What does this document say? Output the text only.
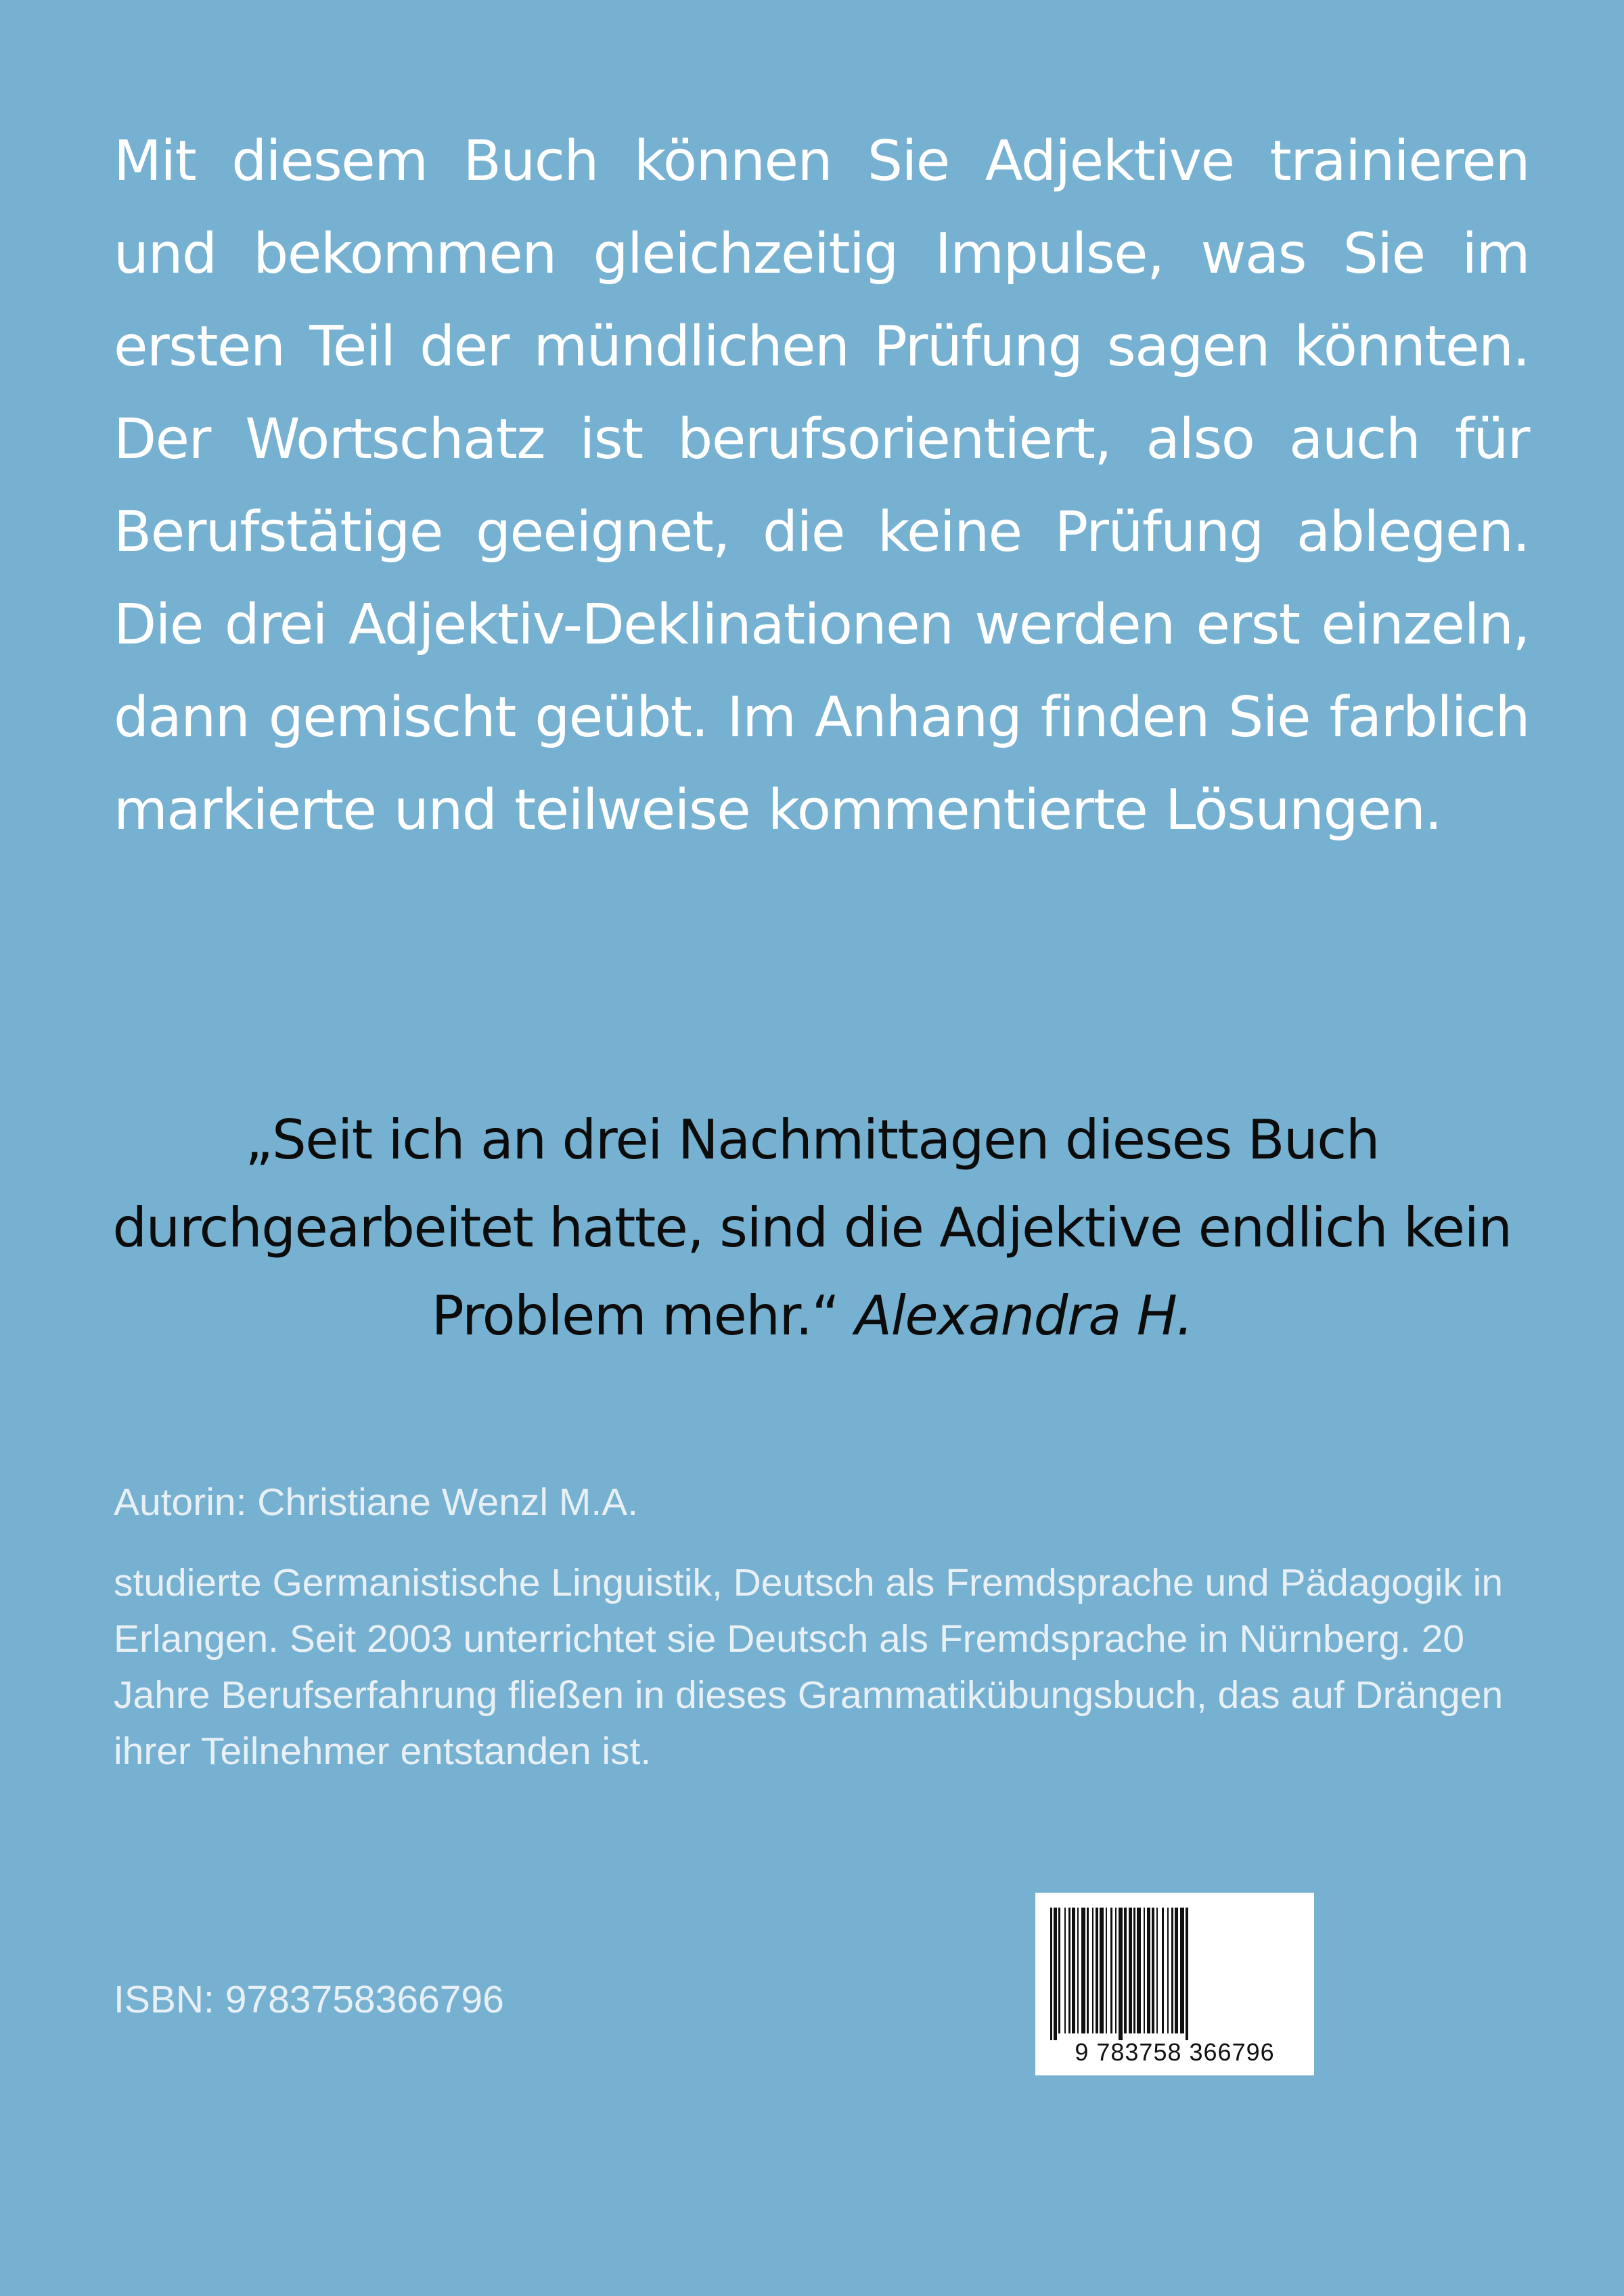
Mit diesem Buch können Sie Adjektive trainieren und bekommen gleichzeitig Impulse, was Sie im ersten Teil der mündlichen Prüfung sagen könnten. Der Wortschatz ist berufsorientiert, also auch für Berufstätige geeignet, die keine Prüfung ablegen. Die drei Adjektiv-Deklinationen werden erst einzeln, dann gemischt geübt. Im Anhang finden Sie farblich markierte und teilweise kommentierte Lösungen.

„Seit ich an drei Nachmittagen dieses Buch durchgearbeitet hatte, sind die Adjektive endlich kein Problem mehr.“ Alexandra H.

Autorin: Christiane Wenzl M.A.

studierte Germanistische Linguistik, Deutsch als Fremdsprache und Pädagogik in Erlangen. Seit 2003 unterrichtet sie Deutsch als Fremdsprache in Nürnberg. 20 Jahre Berufserfahrung fließen in dieses Grammatikübungsbuch, das auf Drängen ihrer Teilnehmer entstanden ist.

ISBN: 9783758366796

9 783758 366796
